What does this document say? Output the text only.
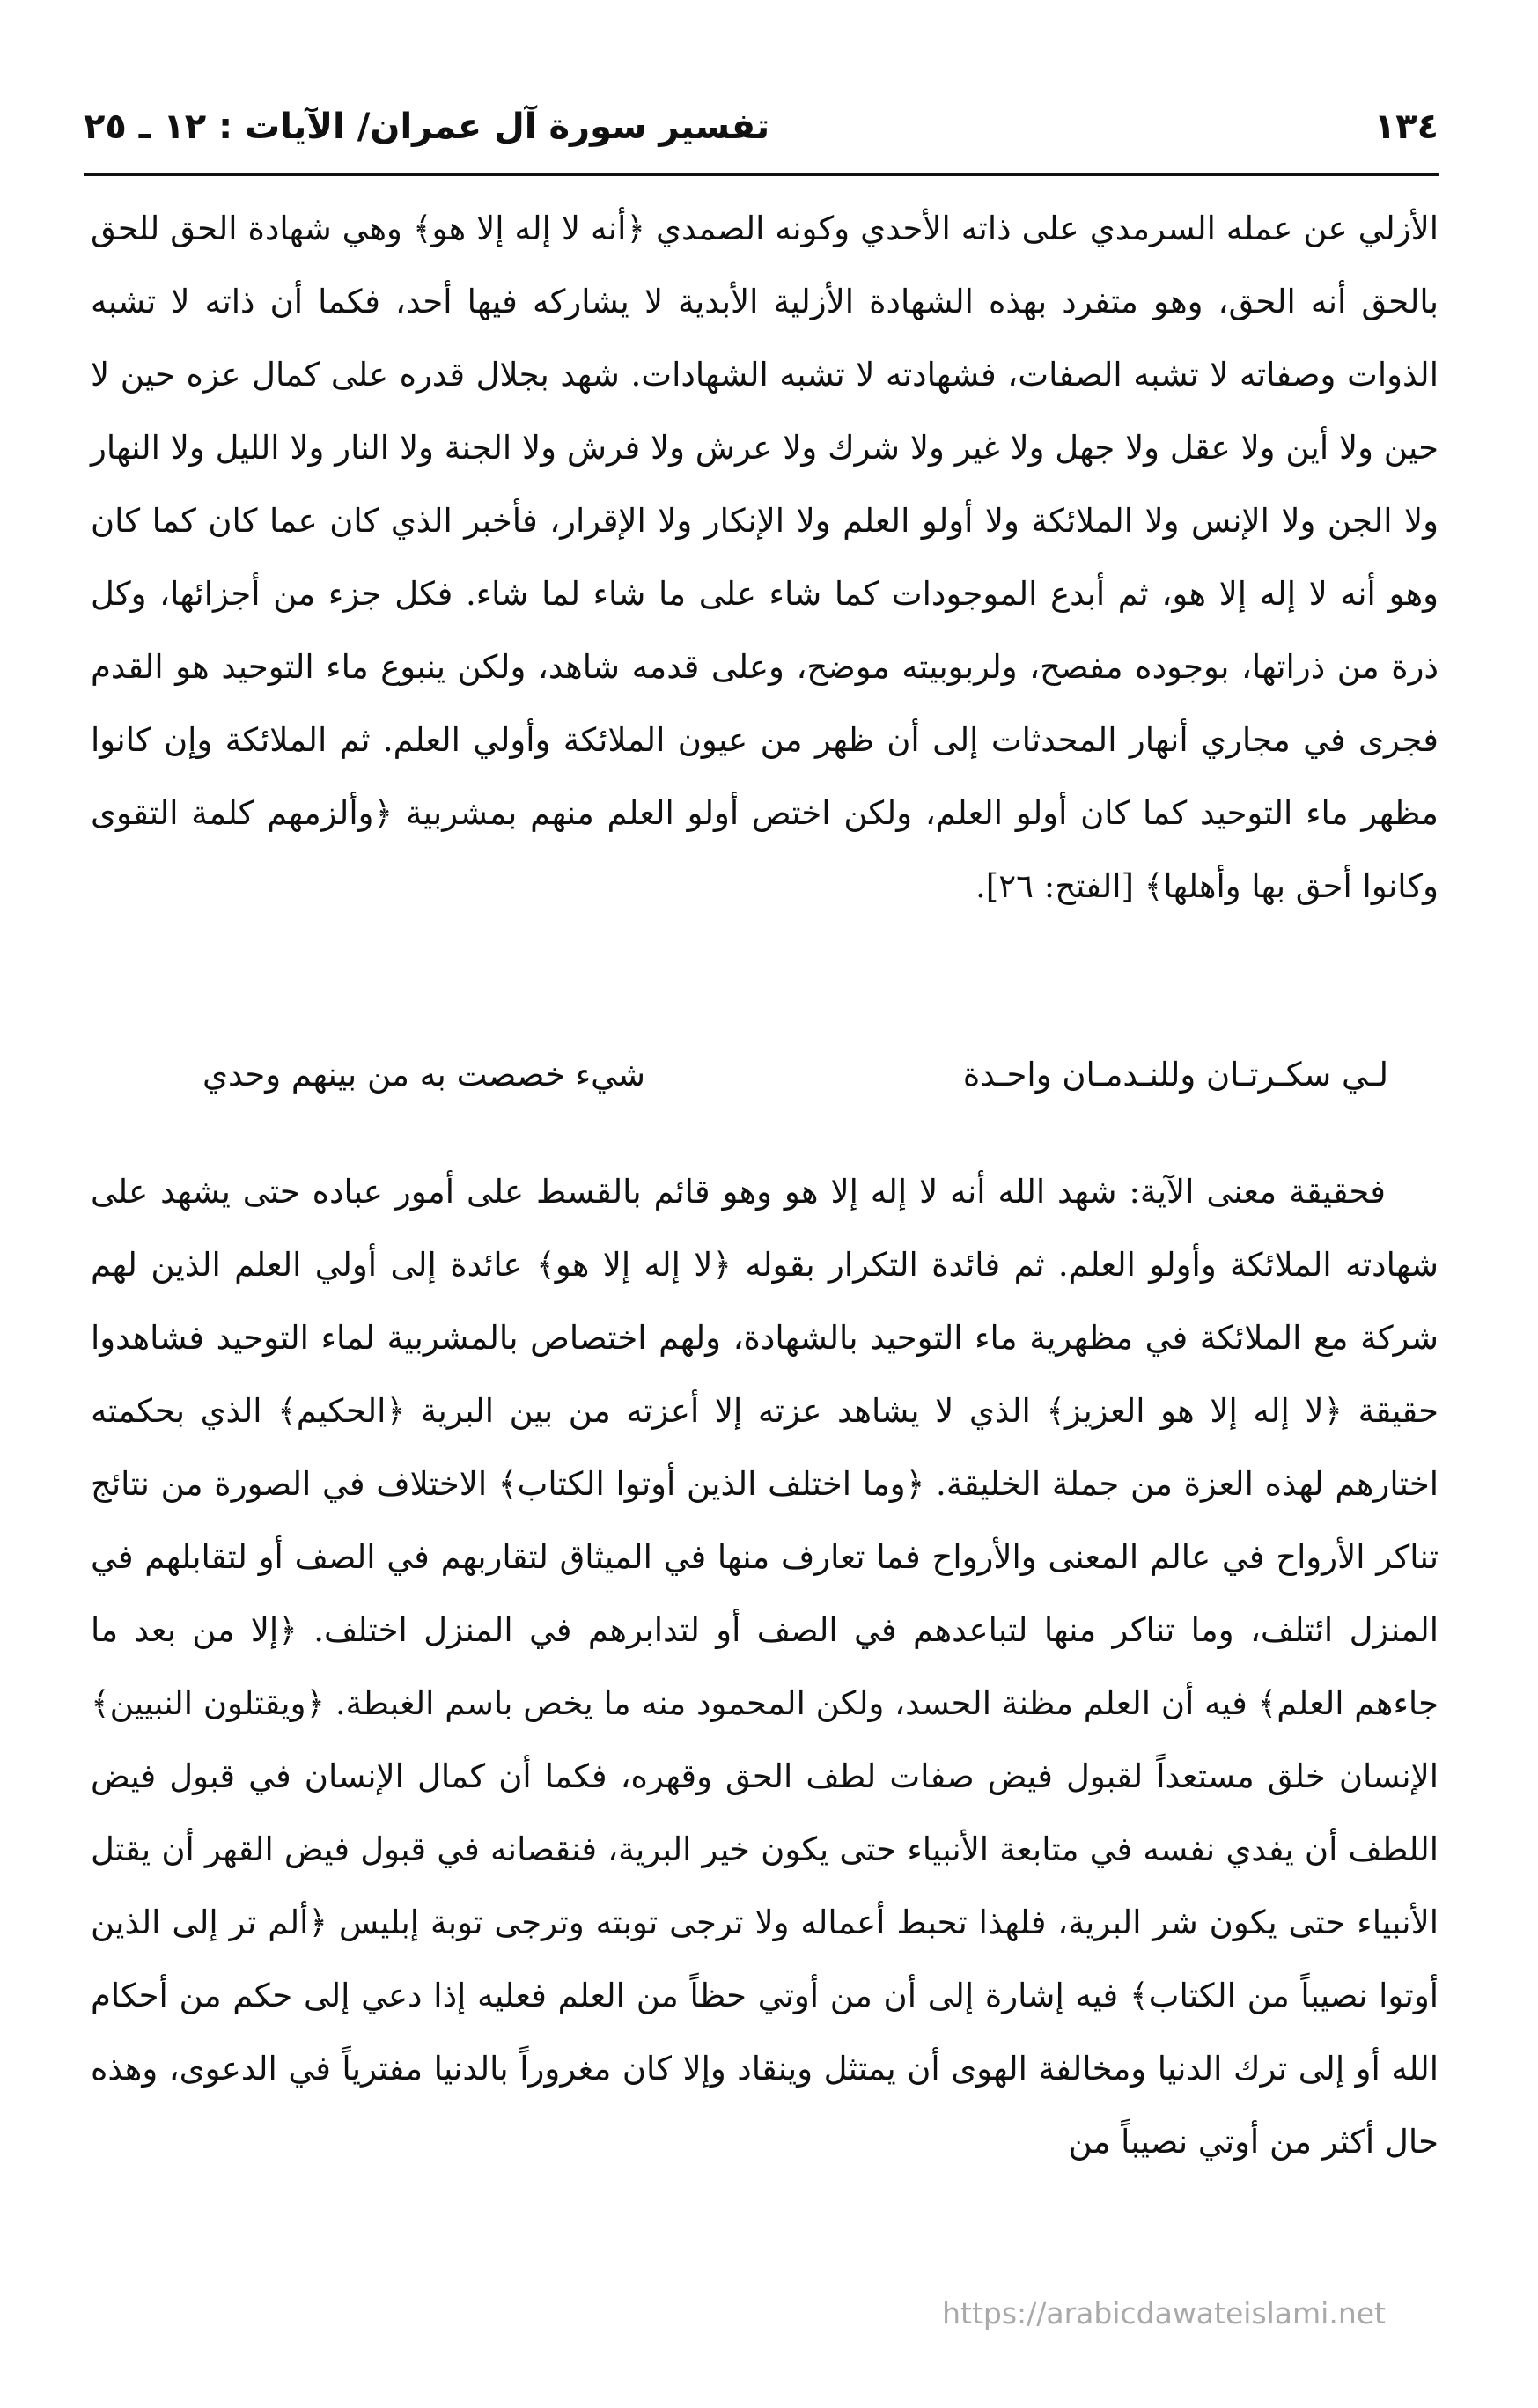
١٣٤
تفسير سورة آل عمران/ الآيات : ١٢ ـ ٢٥

الأزلي عن عمله السرمدي على ذاته الأحدي وكونه الصمدي ﴿أنه لا إله إلا هو﴾ وهي شهادة الحق للحق بالحق أنه الحق، وهو متفرد بهذه الشهادة الأزلية الأبدية لا يشاركه فيها أحد، فكما أن ذاته لا تشبه الذوات وصفاته لا تشبه الصفات، فشهادته لا تشبه الشهادات. شهد بجلال قدره على كمال عزه حين لا حين ولا أين ولا عقل ولا جهل ولا غير ولا شرك ولا عرش ولا فرش ولا الجنة ولا النار ولا الليل ولا النهار ولا الجن ولا الإنس ولا الملائكة ولا أولو العلم ولا الإنكار ولا الإقرار، فأخبر الذي كان عما كان كما كان وهو أنه لا إله إلا هو، ثم أبدع الموجودات كما شاء على ما شاء لما شاء. فكل جزء من أجزائها، وكل ذرة من ذراتها، بوجوده مفصح، ولربوبيته موضح، وعلى قدمه شاهد، ولكن ينبوع ماء التوحيد هو القدم فجرى في مجاري أنهار المحدثات إلى أن ظهر من عيون الملائكة وأولي العلم. ثم الملائكة وإن كانوا مظهر ماء التوحيد كما كان أولو العلم، ولكن اختص أولو العلم منهم بمشربية ﴿وألزمهم كلمة التقوى وكانوا أحق بها وأهلها﴾ [الفتح: ٢٦].

لـي سكـرتـان وللنـدمـان واحـدة
شيء خصصت به من بينهم وحدي

فحقيقة معنى الآية: شهد الله أنه لا إله إلا هو وهو قائم بالقسط على أمور عباده حتى يشهد على شهادته الملائكة وأولو العلم. ثم فائدة التكرار بقوله ﴿لا إله إلا هو﴾ عائدة إلى أولي العلم الذين لهم شركة مع الملائكة في مظهرية ماء التوحيد بالشهادة، ولهم اختصاص بالمشربية لماء التوحيد فشاهدوا حقيقة ﴿لا إله إلا هو العزيز﴾ الذي لا يشاهد عزته إلا أعزته من بين البرية ﴿الحكيم﴾ الذي بحكمته اختارهم لهذه العزة من جملة الخليقة. ﴿وما اختلف الذين أوتوا الكتاب﴾ الاختلاف في الصورة من نتائج تناكر الأرواح في عالم المعنى والأرواح فما تعارف منها في الميثاق لتقاربهم في الصف أو لتقابلهم في المنزل ائتلف، وما تناكر منها لتباعدهم في الصف أو لتدابرهم في المنزل اختلف. ﴿إلا من بعد ما جاءهم العلم﴾ فيه أن العلم مظنة الحسد، ولكن المحمود منه ما يخص باسم الغبطة. ﴿ويقتلون النبيين﴾ الإنسان خلق مستعداً لقبول فيض صفات لطف الحق وقهره، فكما أن كمال الإنسان في قبول فيض اللطف أن يفدي نفسه في متابعة الأنبياء حتى يكون خير البرية، فنقصانه في قبول فيض القهر أن يقتل الأنبياء حتى يكون شر البرية، فلهذا تحبط أعماله ولا ترجى توبته وترجى توبة إبليس ﴿ألم تر إلى الذين أوتوا نصيباً من الكتاب﴾ فيه إشارة إلى أن من أوتي حظاً من العلم فعليه إذا دعي إلى حكم من أحكام الله أو إلى ترك الدنيا ومخالفة الهوى أن يمتثل وينقاد وإلا كان مغروراً بالدنيا مفترياً في الدعوى، وهذه حال أكثر من أوتي نصيباً من

https://arabicdawateislami.net
